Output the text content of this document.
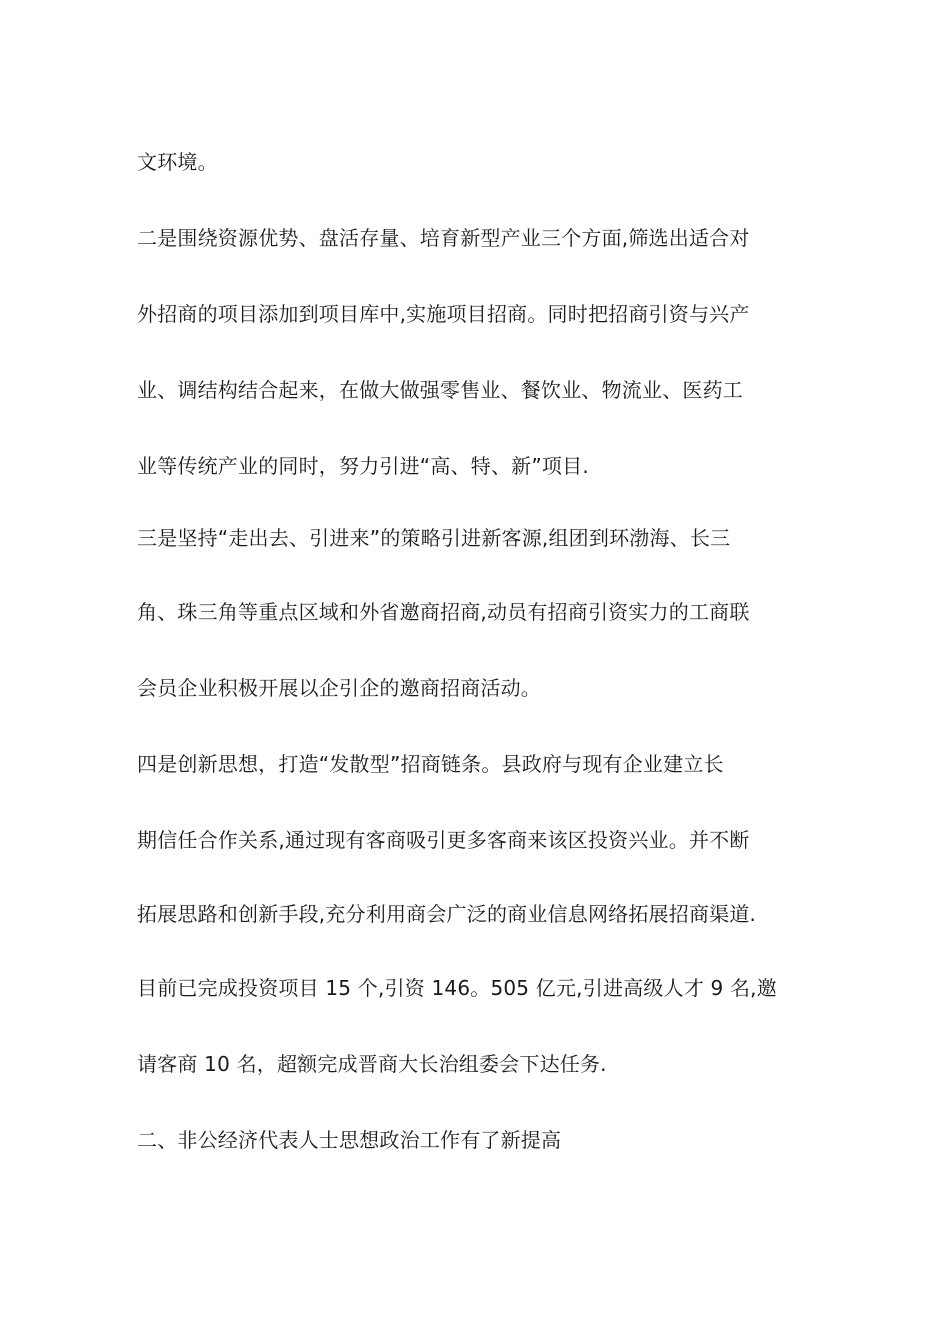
文环境。
二是围绕资源优势、盘活存量、培育新型产业三个方面,筛选出适合对
外招商的项目添加到项目库中,实施项目招商。同时把招商引资与兴产
业、调结构结合起来，在做大做强零售业、餐饮业、物流业、医药工
业等传统产业的同时，努力引进“高、特、新”项目.
三是坚持“走出去、引进来”的策略引进新客源,组团到环渤海、长三
角、珠三角等重点区域和外省邀商招商,动员有招商引资实力的工商联
会员企业积极开展以企引企的邀商招商活动。
四是创新思想，打造“发散型”招商链条。县政府与现有企业建立长
期信任合作关系,通过现有客商吸引更多客商来该区投资兴业。并不断
拓展思路和创新手段,充分利用商会广泛的商业信息网络拓展招商渠道.
目前已完成投资项目 15 个,引资 146。505 亿元,引进高级人才 9 名,邀
请客商 10 名，超额完成晋商大长治组委会下达任务.
二、非公经济代表人士思想政治工作有了新提高
